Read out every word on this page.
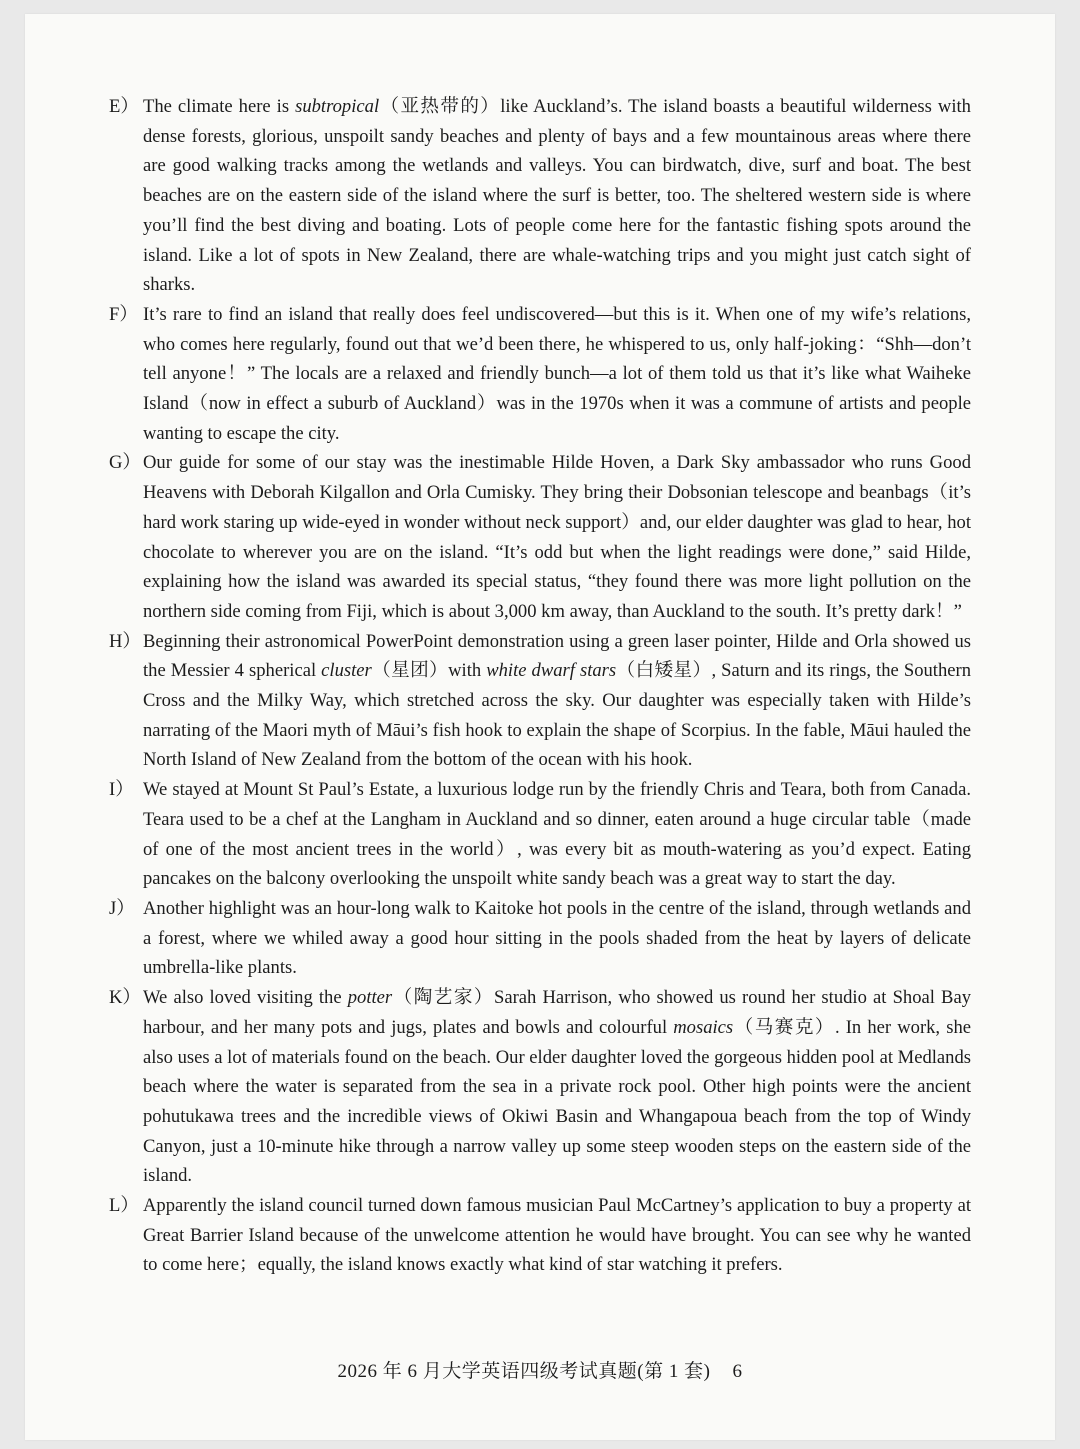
E） The climate here is subtropical（亚热带的）like Auckland’s. The island boasts a beautiful wilderness with dense forests, glorious, unspoilt sandy beaches and plenty of bays and a few mountainous areas where there are good walking tracks among the wetlands and valleys. You can birdwatch, dive, surf and boat. The best beaches are on the eastern side of the island where the surf is better, too. The sheltered western side is where you’ll find the best diving and boating. Lots of people come here for the fantastic fishing spots around the island. Like a lot of spots in New Zealand, there are whale-watching trips and you might just catch sight of sharks.
F） It’s rare to find an island that really does feel undiscovered—but this is it. When one of my wife’s relations, who comes here regularly, found out that we’d been there, he whispered to us, only half-joking：“Shh—don’t tell anyone！” The locals are a relaxed and friendly bunch—a lot of them told us that it’s like what Waiheke Island（now in effect a suburb of Auckland）was in the 1970s when it was a commune of artists and people wanting to escape the city.
G） Our guide for some of our stay was the inestimable Hilde Hoven, a Dark Sky ambassador who runs Good Heavens with Deborah Kilgallon and Orla Cumisky. They bring their Dobsonian telescope and beanbags（it’s hard work staring up wide-eyed in wonder without neck support）and, our elder daughter was glad to hear, hot chocolate to wherever you are on the island. “It’s odd but when the light readings were done,” said Hilde, explaining how the island was awarded its special status, “they found there was more light pollution on the northern side coming from Fiji, which is about 3,000 km away, than Auckland to the south. It’s pretty dark！”
H） Beginning their astronomical PowerPoint demonstration using a green laser pointer, Hilde and Orla showed us the Messier 4 spherical cluster（星团）with white dwarf stars（白矮星）, Saturn and its rings, the Southern Cross and the Milky Way, which stretched across the sky. Our daughter was especially taken with Hilde’s narrating of the Maori myth of Māui’s fish hook to explain the shape of Scorpius. In the fable, Māui hauled the North Island of New Zealand from the bottom of the ocean with his hook.
I） We stayed at Mount St Paul’s Estate, a luxurious lodge run by the friendly Chris and Teara, both from Canada. Teara used to be a chef at the Langham in Auckland and so dinner, eaten around a huge circular table（made of one of the most ancient trees in the world）, was every bit as mouth-watering as you’d expect. Eating pancakes on the balcony overlooking the unspoilt white sandy beach was a great way to start the day.
J） Another highlight was an hour-long walk to Kaitoke hot pools in the centre of the island, through wetlands and a forest, where we whiled away a good hour sitting in the pools shaded from the heat by layers of delicate umbrella-like plants.
K） We also loved visiting the potter（陶艺家）Sarah Harrison, who showed us round her studio at Shoal Bay harbour, and her many pots and jugs, plates and bowls and colourful mosaics（马赛克）. In her work, she also uses a lot of materials found on the beach. Our elder daughter loved the gorgeous hidden pool at Medlands beach where the water is separated from the sea in a private rock pool. Other high points were the ancient pohutukawa trees and the incredible views of Okiwi Basin and Whangapoua beach from the top of Windy Canyon, just a 10-minute hike through a narrow valley up some steep wooden steps on the eastern side of the island.
L） Apparently the island council turned down famous musician Paul McCartney’s application to buy a property at Great Barrier Island because of the unwelcome attention he would have brought. You can see why he wanted to come here；equally, the island knows exactly what kind of star watching it prefers.
2026 年 6 月大学英语四级考试真题(第 1 套) 6
